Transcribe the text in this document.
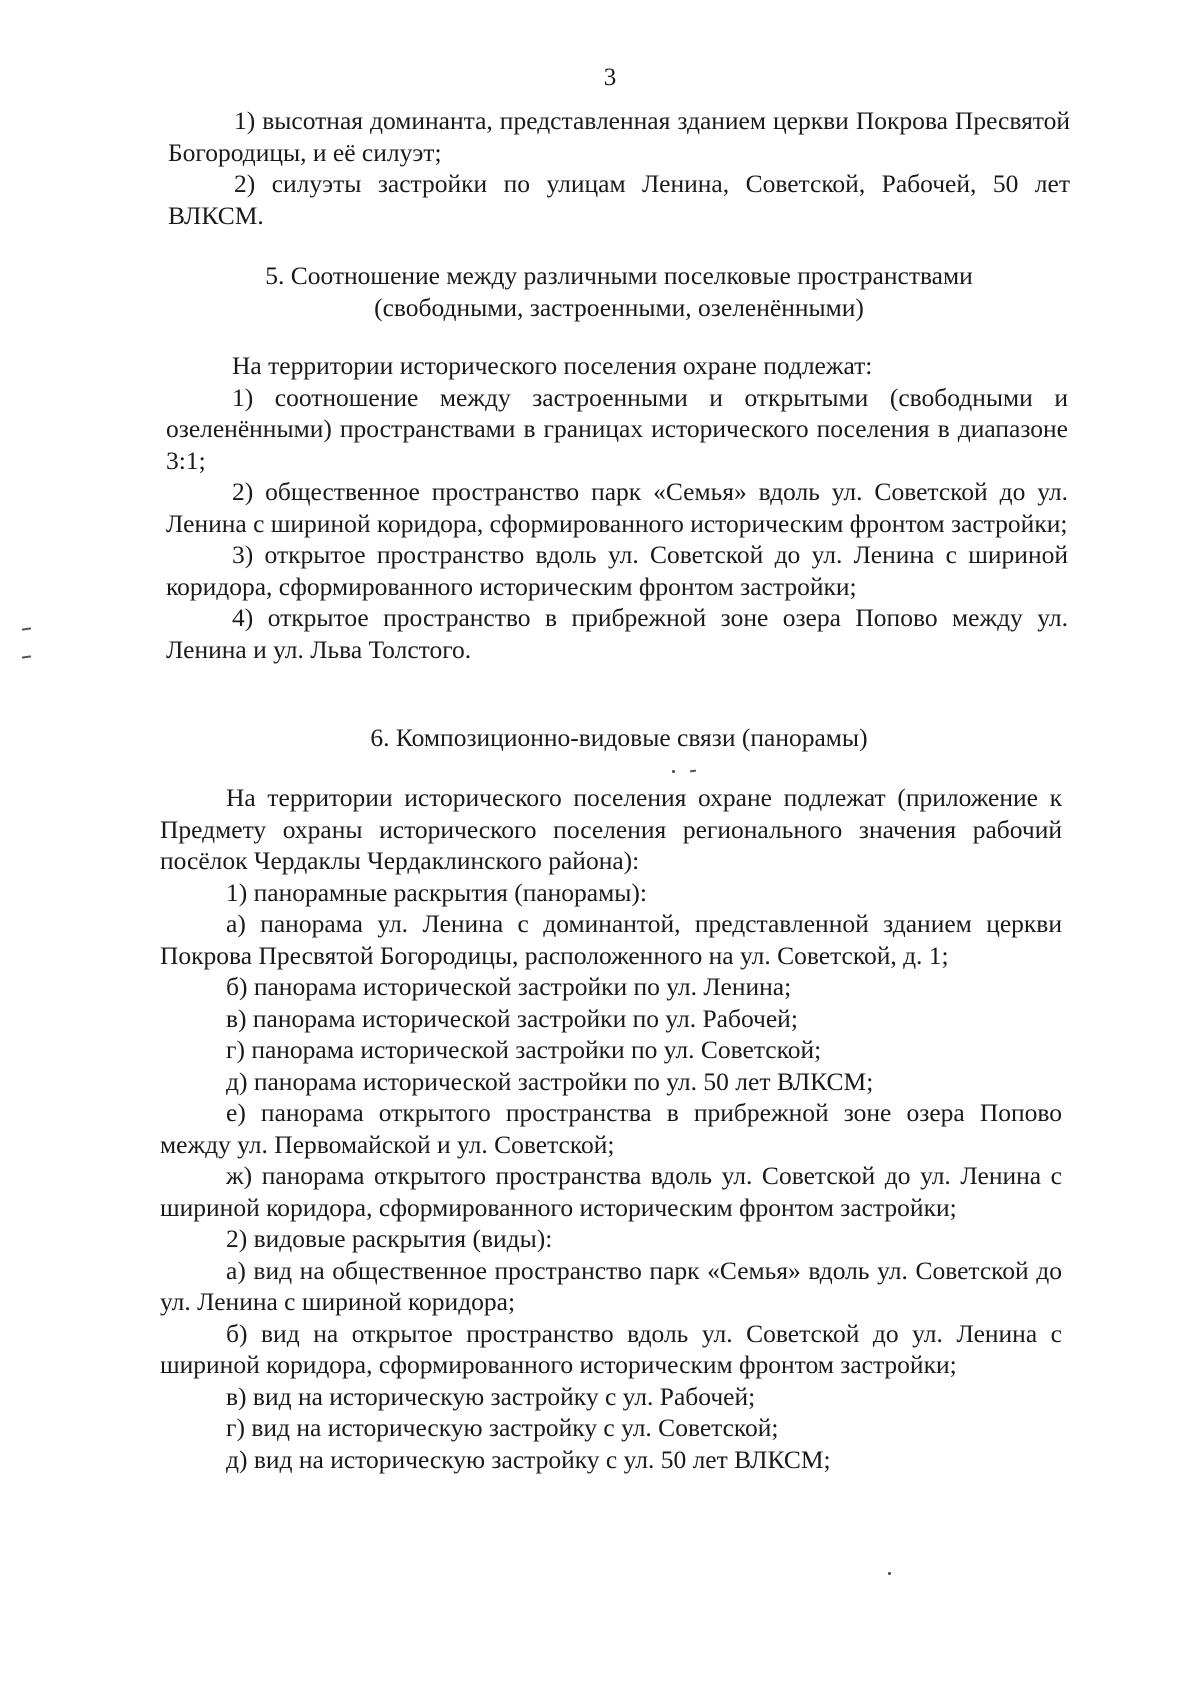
3

1) высотная доминанта, представленная зданием церкви Покрова Пресвятой Богородицы, и её силуэт;

2) силуэты застройки по улицам Ленина, Советской, Рабочей, 50 лет ВЛКСМ.

5. Соотношение между различными поселковые пространствами
(свободными, застроенными, озеленёнными)

На территории исторического поселения охране подлежат:

1) соотношение между застроенными и открытыми (свободными и озеленёнными) пространствами в границах исторического поселения в диапазоне 3:1;

2) общественное пространство парк «Семья» вдоль ул. Советской до ул. Ленина с шириной коридора, сформированного историческим фронтом застройки;

3) открытое пространство вдоль ул. Советской до ул. Ленина с шириной коридора, сформированного историческим фронтом застройки;

4) открытое пространство в прибрежной зоне озера Попово между ул. Ленина и ул. Льва Толстого.

6. Композиционно-видовые связи (панорамы)

На территории исторического поселения охране подлежат (приложение к Предмету охраны исторического поселения регионального значения рабочий посёлок Чердаклы Чердаклинского района):

1) панорамные раскрытия (панорамы):

а) панорама ул. Ленина с доминантой, представленной зданием церкви Покрова Пресвятой Богородицы, расположенного на ул. Советской, д. 1;

б) панорама исторической застройки по ул. Ленина;

в) панорама исторической застройки по ул. Рабочей;

г) панорама исторической застройки по ул. Советской;

д) панорама исторической застройки по ул. 50 лет ВЛКСМ;

е) панорама открытого пространства в прибрежной зоне озера Попово между ул. Первомайской и ул. Советской;

ж) панорама открытого пространства вдоль ул. Советской до ул. Ленина с шириной коридора, сформированного историческим фронтом застройки;

2) видовые раскрытия (виды):

а) вид на общественное пространство парк «Семья» вдоль ул. Советской до ул. Ленина с шириной коридора;

б) вид на открытое пространство вдоль ул. Советской до ул. Ленина с шириной коридора, сформированного историческим фронтом застройки;

в) вид на историческую застройку с ул. Рабочей;

г) вид на историческую застройку с ул. Советской;

д) вид на историческую застройку с ул. 50 лет ВЛКСМ;
